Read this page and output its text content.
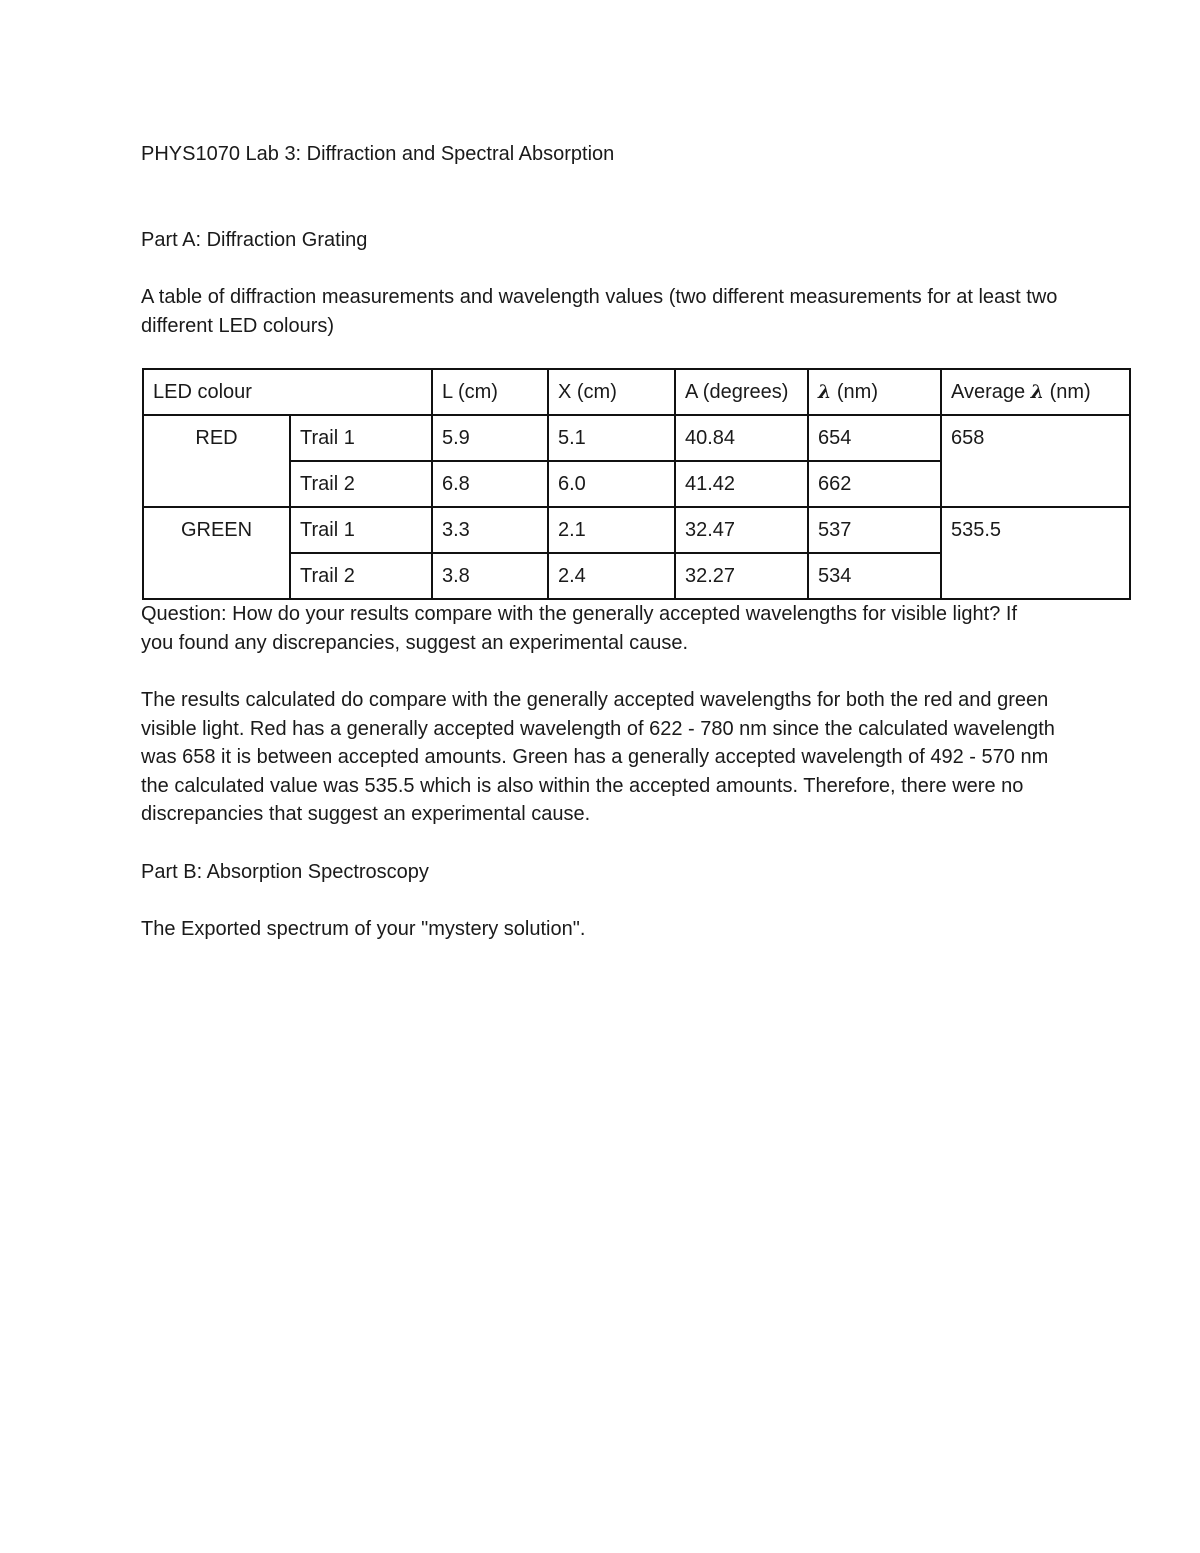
PHYS1070 Lab 3: Diffraction and Spectral Absorption

Part A: Diffraction Grating

A table of diffraction measurements and wavelength values (two different measurements for at least two different LED colours)

LED colour		L (cm)	X (cm)	A (degrees)	λ (nm)	Average λ (nm)
RED	Trail 1	5.9	5.1	40.84	654	658
	Trail 2	6.8	6.0	41.42	662	
GREEN	Trail 1	3.3	2.1	32.47	537	535.5
	Trail 2	3.8	2.4	32.27	534	

Question: How do your results compare with the generally accepted wavelengths for visible light? If you found any discrepancies, suggest an experimental cause.

The results calculated do compare with the generally accepted wavelengths for both the red and green visible light. Red has a generally accepted wavelength of 622 - 780 nm since the calculated wavelength was 658 it is between accepted amounts. Green has a generally accepted wavelength of 492 - 570 nm the calculated value was 535.5 which is also within the accepted amounts. Therefore, there were no discrepancies that suggest an experimental cause.

Part B: Absorption Spectroscopy

The Exported spectrum of your "mystery solution".
